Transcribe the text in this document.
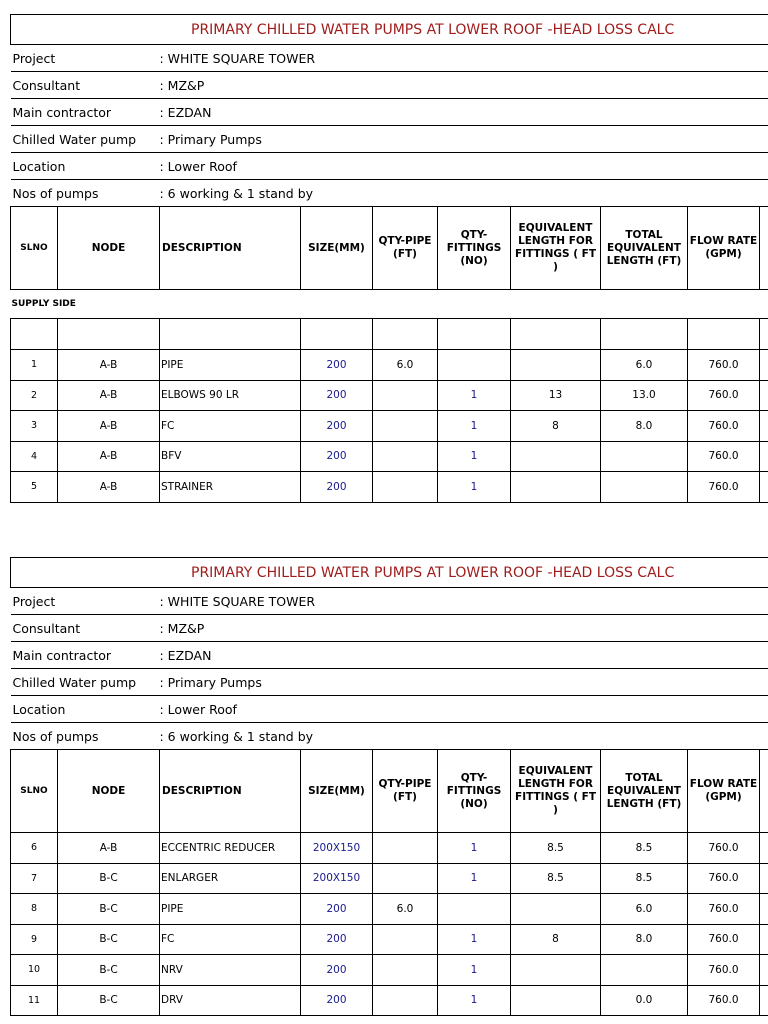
PRIMARY CHILLED WATER PUMPS AT LOWER ROOF -HEAD LOSS CALC									
Project		: WHITE SQUARE TOWER							
Consultant		: MZ&P							
Main contractor		: EZDAN							
Chilled Water pump		: Primary Pumps							
Location		: Lower Roof							
Nos of pumps		: 6 working & 1 stand by							
SLNO	NODE	DESCRIPTION	SIZE(MM)	QTY-PIPE (FT)	QTY-FITTINGS (NO)	EQUIVALENT LENGTH FOR FITTINGS ( FT )	TOTAL EQUIVALENT LENGTH (FT)	FLOW RATE (GPM)	
SUPPLY SIDE									

1	A-B	PIPE	200	6.0			6.0	760.0	
2	A-B	ELBOWS 90 LR	200		1	13	13.0	760.0	
3	A-B	FC	200		1	8	8.0	760.0	
4	A-B	BFV	200		1			760.0	
5	A-B	STRAINER	200		1			760.0	
PRIMARY CHILLED WATER PUMPS AT LOWER ROOF -HEAD LOSS CALC									
Project		: WHITE SQUARE TOWER							
Consultant		: MZ&P							
Main contractor		: EZDAN							
Chilled Water pump		: Primary Pumps							
Location		: Lower Roof							
Nos of pumps		: 6 working & 1 stand by							
SLNO	NODE	DESCRIPTION	SIZE(MM)	QTY-PIPE (FT)	QTY-FITTINGS (NO)	EQUIVALENT LENGTH FOR FITTINGS ( FT )	TOTAL EQUIVALENT LENGTH (FT)	FLOW RATE (GPM)	
6	A-B	ECCENTRIC REDUCER	200X150		1	8.5	8.5	760.0	
7	B-C	ENLARGER	200X150		1	8.5	8.5	760.0	
8	B-C	PIPE	200	6.0			6.0	760.0	
9	B-C	FC	200		1	8	8.0	760.0	
10	B-C	NRV	200		1			760.0	
11	B-C	DRV	200		1		0.0	760.0	
